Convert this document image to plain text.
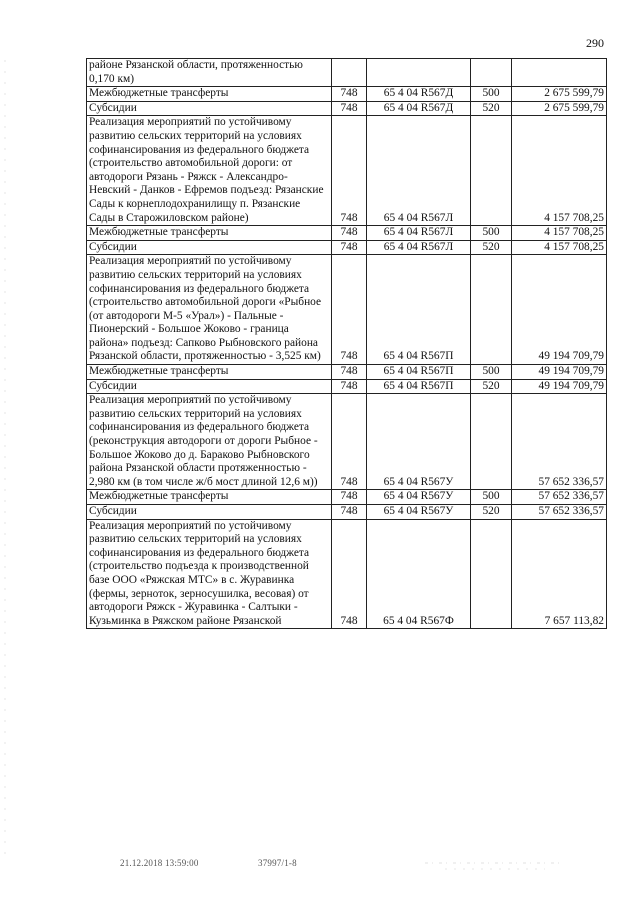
290
районе Рязанской области, протяженностью 0,170 км)				
Межбюджетные трансферты	748	65 4 04 R567Д	500	2 675 599,79
Субсидии	748	65 4 04 R567Д	520	2 675 599,79
Реализация мероприятий по устойчивому развитию сельских территорий на условиях софинансирования из федерального бюджета (строительство автомобильной дороги: от автодороги Рязань - Ряжск - Александро-Невский - Данков - Ефремов подъезд: Рязанские Сады к корнеплодохранилищу п. Рязанские Сады в Старожиловском районе)	748	65 4 04 R567Л		4 157 708,25
Межбюджетные трансферты	748	65 4 04 R567Л	500	4 157 708,25
Субсидии	748	65 4 04 R567Л	520	4 157 708,25
Реализация мероприятий по устойчивому развитию сельских территорий на условиях софинансирования из федерального бюджета (строительство автомобильной дороги «Рыбное (от автодороги М-5 «Урал») - Пальные - Пионерский - Большое Жоково - граница района» подъезд: Сапково Рыбновского района Рязанской области, протяженностью - 3,525 км)	748	65 4 04 R567П		49 194 709,79
Межбюджетные трансферты	748	65 4 04 R567П	500	49 194 709,79
Субсидии	748	65 4 04 R567П	520	49 194 709,79
Реализация мероприятий по устойчивому развитию сельских территорий на условиях софинансирования из федерального бюджета (реконструкция автодороги от дороги Рыбное - Большое Жоково до д. Бараково Рыбновского района Рязанской области протяженностью - 2,980 км (в том числе ж/б мост длиной 12,6 м))	748	65 4 04 R567У		57 652 336,57
Межбюджетные трансферты	748	65 4 04 R567У	500	57 652 336,57
Субсидии	748	65 4 04 R567У	520	57 652 336,57
Реализация мероприятий по устойчивому развитию сельских территорий на условиях софинансирования из федерального бюджета (строительство подъезда к производственной базе ООО «Ряжская МТС» в с. Журавинка (фермы, зерноток, зерносушилка, весовая) от автодороги Ряжск - Журавинка - Салтыки - Кузьминка в Ряжском районе Рязанской	748	65 4 04 R567Ф		7 657 113,82
21.12.2018 13:59:00	37997/1-8
